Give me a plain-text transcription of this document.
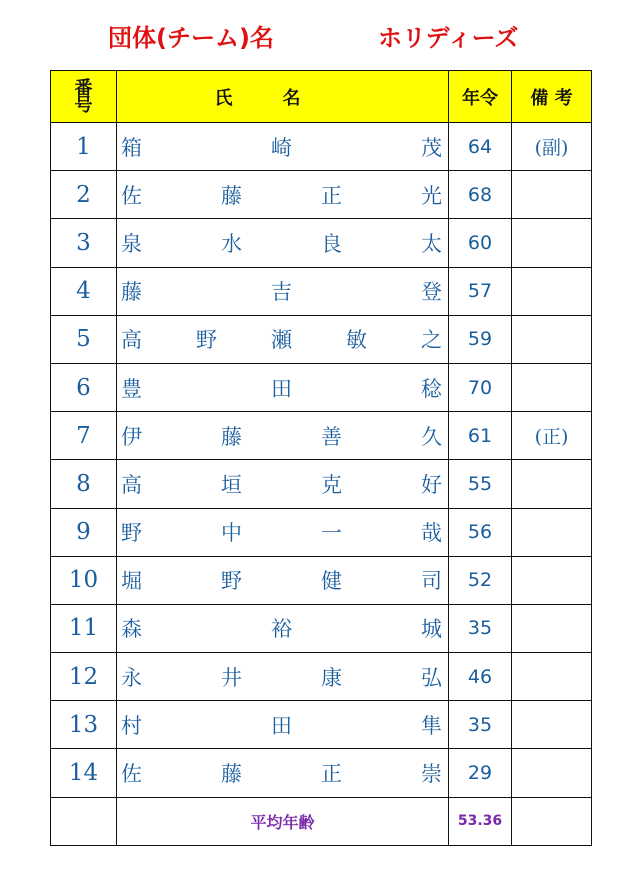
団体(チーム)名	ホリディーズ
番
号	氏名	年令	備 考
1	箱 崎 茂	64	(副)
2	佐 藤 正 光	68	
3	泉 水 良 太	60	
4	藤 吉 登	57	
5	高 野 瀬 敏 之	59	
6	豊 田 稔	70	
7	伊 藤 善 久	61	(正)
8	高 垣 克 好	55	
9	野 中 一 哉	56	
10	堀 野 健 司	52	
11	森 裕 城	35	
12	永 井 康 弘	46	
13	村 田 隼	35	
14	佐 藤 正 崇	29	
	平均年齢	53.36	
